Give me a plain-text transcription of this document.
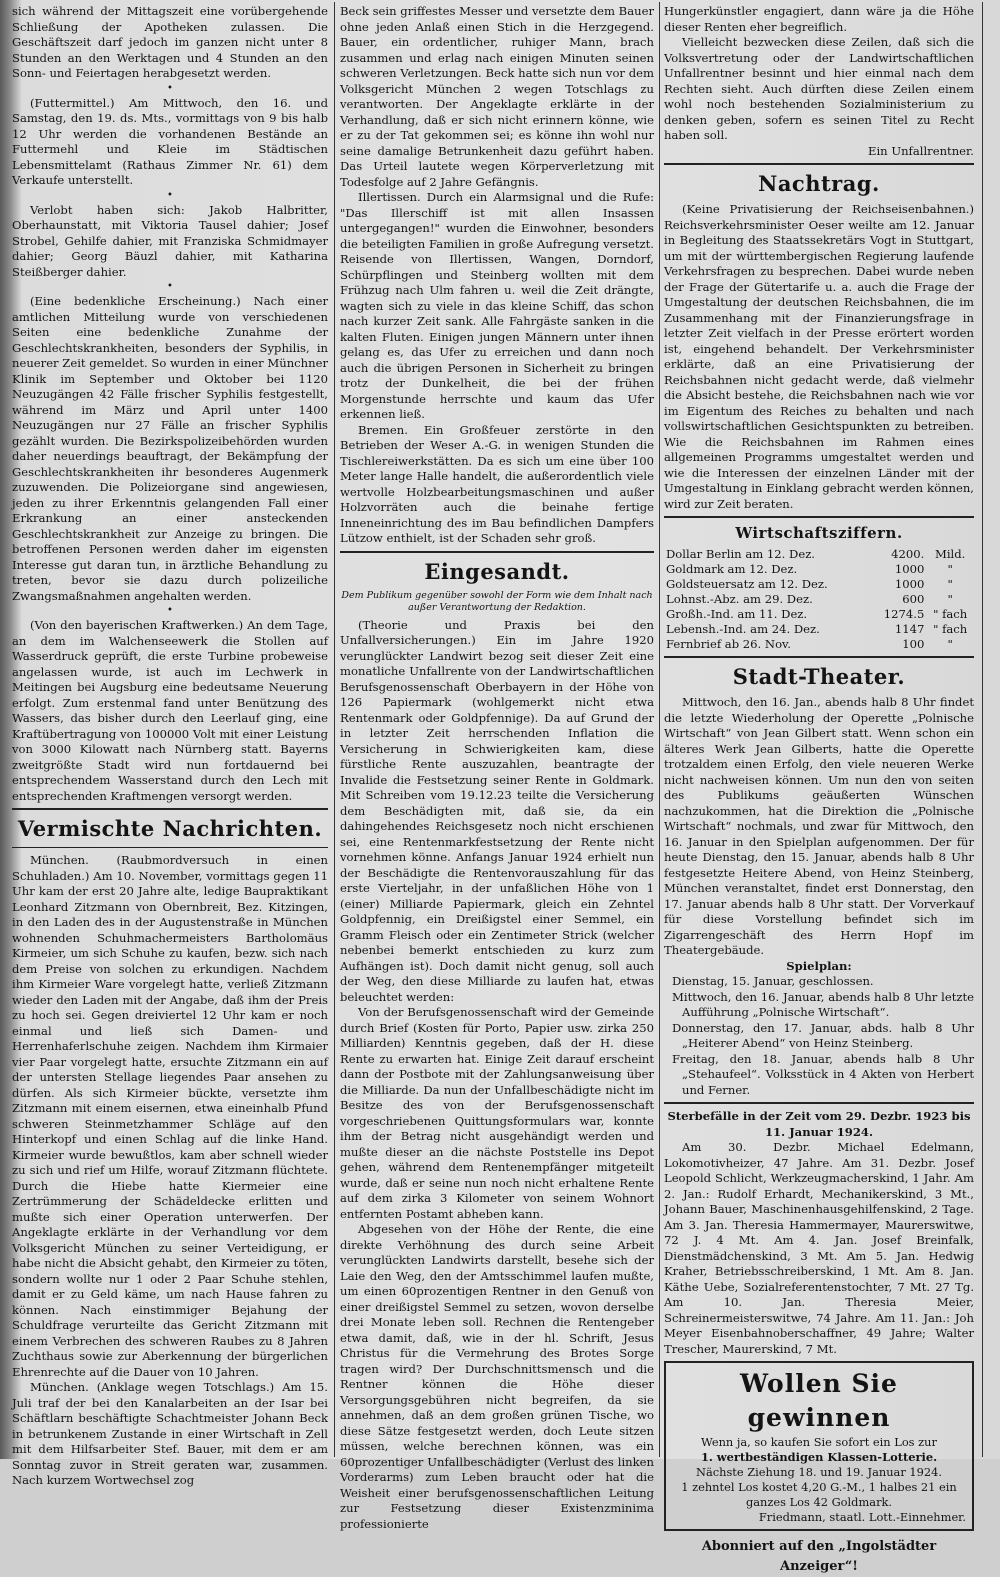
sich während der Mittagszeit eine vorübergehende Schließung der Apotheken zulassen. Die Geschäftszeit darf jedoch im ganzen nicht unter 8 Stunden an den Werktagen und 4 Stunden an den Sonn- und Feiertagen herabgesetzt werden.

•

(Futtermittel.) Am Mittwoch, den 16. und Samstag, den 19. ds. Mts., vormittags von 9 bis halb 12 Uhr werden die vorhandenen Bestände an Futtermehl und Kleie im Städtischen Lebensmittelamt (Rathaus Zimmer Nr. 61) dem Verkaufe unterstellt.

•

Verlobt haben sich: Jakob Halbritter, Oberhaunstatt, mit Viktoria Tausel dahier; Josef Strobel, Gehilfe dahier, mit Franziska Schmidmayer dahier; Georg Bäuzl dahier, mit Katharina Steißberger dahier.

•

(Eine bedenkliche Erscheinung.) Nach einer amtlichen Mitteilung wurde von verschiedenen Seiten eine bedenkliche Zunahme der Geschlechtskrankheiten, besonders der Syphilis, in neuerer Zeit gemeldet. So wurden in einer Münchner Klinik im September und Oktober bei 1120 Neuzugängen 42 Fälle frischer Syphilis festgestellt, während im März und April unter 1400 Neuzugängen nur 27 Fälle an frischer Syphilis gezählt wurden. Die Bezirkspolizeibehörden wurden daher neuerdings beauftragt, der Bekämpfung der Geschlechtskrankheiten ihr besonderes Augenmerk zuzuwenden. Die Polizeiorgane sind angewiesen, jeden zu ihrer Erkenntnis gelangenden Fall einer Erkrankung an einer ansteckenden Geschlechtskrankheit zur Anzeige zu bringen. Die betroffenen Personen werden daher im eigensten Interesse gut daran tun, in ärztliche Behandlung zu treten, bevor sie dazu durch polizeiliche Zwangsmaßnahmen angehalten werden.

•

(Von den bayerischen Kraftwerken.) An dem Tage, an dem im Walchenseewerk die Stollen auf Wasserdruck geprüft, die erste Turbine probeweise angelassen wurde, ist auch im Lechwerk in Meitingen bei Augsburg eine bedeutsame Neuerung erfolgt. Zum erstenmal fand unter Benützung des Wassers, das bisher durch den Leerlauf ging, eine Kraftübertragung von 100000 Volt mit einer Leistung von 3000 Kilowatt nach Nürnberg statt. Bayerns zweitgrößte Stadt wird nun fortdauernd bei entsprechendem Wasserstand durch den Lech mit entsprechenden Kraftmengen versorgt werden.

Vermischte Nachrichten.

München. (Raubmordversuch in einen Schuhladen.) Am 10. November, vormittags gegen 11 Uhr kam der erst 20 Jahre alte, ledige Baupraktikant Leonhard Zitzmann von Obernbreit, Bez. Kitzingen, in den Laden des in der Augustenstraße in München wohnenden Schuhmachermeisters Bartholomäus Kirmeier, um sich Schuhe zu kaufen, bezw. sich nach dem Preise von solchen zu erkundigen. Nachdem ihm Kirmeier Ware vorgelegt hatte, verließ Zitzmann wieder den Laden mit der Angabe, daß ihm der Preis zu hoch sei. Gegen dreiviertel 12 Uhr kam er noch einmal und ließ sich Damen- und Herrenhaferlschuhe zeigen. Nachdem ihm Kirmaier vier Paar vorgelegt hatte, ersuchte Zitzmann ein auf der untersten Stellage liegendes Paar ansehen zu dürfen. Als sich Kirmeier bückte, versetzte ihm Zitzmann mit einem eisernen, etwa eineinhalb Pfund schweren Steinmetzhammer Schläge auf den Hinterkopf und einen Schlag auf die linke Hand. Kirmeier wurde bewußtlos, kam aber schnell wieder zu sich und rief um Hilfe, worauf Zitzmann flüchtete. Durch die Hiebe hatte Kiermeier eine Zertrümmerung der Schädeldecke erlitten und mußte sich einer Operation unterwerfen. Der Angeklagte erklärte in der Verhandlung vor dem Volksgericht München zu seiner Verteidigung, er habe nicht die Absicht gehabt, den Kirmeier zu töten, sondern wollte nur 1 oder 2 Paar Schuhe stehlen, damit er zu Geld käme, um nach Hause fahren zu können. Nach einstimmiger Bejahung der Schuldfrage verurteilte das Gericht Zitzmann mit einem Verbrechen des schweren Raubes zu 8 Jahren Zuchthaus sowie zur Aberkennung der bürgerlichen Ehrenrechte auf die Dauer von 10 Jahren.

München. (Anklage wegen Totschlags.) Am 15. Juli traf der bei den Kanalarbeiten an der Isar bei Schäftlarn beschäftigte Schachtmeister Johann Beck in betrunkenem Zustande in einer Wirtschaft in Zell mit dem Hilfsarbeiter Stef. Bauer, mit dem er am Sonntag zuvor in Streit geraten war, zusammen. Nach kurzem Wortwechsel zog

Beck sein griffestes Messer und versetzte dem Bauer ohne jeden Anlaß einen Stich in die Herzgegend. Bauer, ein ordentlicher, ruhiger Mann, brach zusammen und erlag nach einigen Minuten seinen schweren Verletzungen. Beck hatte sich nun vor dem Volksgericht München 2 wegen Totschlags zu verantworten. Der Angeklagte erklärte in der Verhandlung, daß er sich nicht erinnern könne, wie er zu der Tat gekommen sei; es könne ihn wohl nur seine damalige Betrunkenheit dazu geführt haben. Das Urteil lautete wegen Körperverletzung mit Todesfolge auf 2 Jahre Gefängnis.

Illertissen. Durch ein Alarmsignal und die Rufe: "Das Illerschiff ist mit allen Insassen untergegangen!" wurden die Einwohner, besonders die beteiligten Familien in große Aufregung versetzt. Reisende von Illertissen, Wangen, Dorndorf, Schürpflingen und Steinberg wollten mit dem Frühzug nach Ulm fahren u. weil die Zeit drängte, wagten sich zu viele in das kleine Schiff, das schon nach kurzer Zeit sank. Alle Fahrgäste sanken in die kalten Fluten. Einigen jungen Männern unter ihnen gelang es, das Ufer zu erreichen und dann noch auch die übrigen Personen in Sicherheit zu bringen trotz der Dunkelheit, die bei der frühen Morgenstunde herrschte und kaum das Ufer erkennen ließ.

Bremen. Ein Großfeuer zerstörte in den Betrieben der Weser A.-G. in wenigen Stunden die Tischlereiwerkstätten. Da es sich um eine über 100 Meter lange Halle handelt, die außerordentlich viele wertvolle Holzbearbeitungsmaschinen und außer Holzvorräten auch die beinahe fertige Inneneinrichtung des im Bau befindlichen Dampfers Lützow enthielt, ist der Schaden sehr groß.

Eingesandt.
Dem Publikum gegenüber sowohl der Form wie dem Inhalt nach außer Verantwortung der Redaktion.

(Theorie und Praxis bei den Unfallversicherungen.) Ein im Jahre 1920 verunglückter Landwirt bezog seit dieser Zeit eine monatliche Unfallrente von der Landwirtschaftlichen Berufsgenossenschaft Oberbayern in der Höhe von 126 Papiermark (wohlgemerkt nicht etwa Rentenmark oder Goldpfennige). Da auf Grund der in letzter Zeit herrschenden Inflation die Versicherung in Schwierigkeiten kam, diese fürstliche Rente auszuzahlen, beantragte der Invalide die Festsetzung seiner Rente in Goldmark. Mit Schreiben vom 19.12.23 teilte die Versicherung dem Beschädigten mit, daß sie, da ein dahingehendes Reichsgesetz noch nicht erschienen sei, eine Rentenmarkfestsetzung der Rente nicht vornehmen könne. Anfangs Januar 1924 erhielt nun der Beschädigte die Rentenvorauszahlung für das erste Vierteljahr, in der unfaßlichen Höhe von 1 (einer) Milliarde Papiermark, gleich ein Zehntel Goldpfennig, ein Dreißigstel einer Semmel, ein Gramm Fleisch oder ein Zentimeter Strick (welcher nebenbei bemerkt entschieden zu kurz zum Aufhängen ist). Doch damit nicht genug, soll auch der Weg, den diese Milliarde zu laufen hat, etwas beleuchtet werden:

Von der Berufsgenossenschaft wird der Gemeinde durch Brief (Kosten für Porto, Papier usw. zirka 250 Milliarden) Kenntnis gegeben, daß der H. diese Rente zu erwarten hat. Einige Zeit darauf erscheint dann der Postbote mit der Zahlungsanweisung über die Milliarde. Da nun der Unfallbeschädigte nicht im Besitze des von der Berufsgenossenschaft vorgeschriebenen Quittungsformulars war, konnte ihm der Betrag nicht ausgehändigt werden und mußte dieser an die nächste Poststelle ins Depot gehen, während dem Rentenempfänger mitgeteilt wurde, daß er seine nun noch nicht erhaltene Rente auf dem zirka 3 Kilometer von seinem Wohnort entfernten Postamt abheben kann.

Abgesehen von der Höhe der Rente, die eine direkte Verhöhnung des durch seine Arbeit verunglückten Landwirts darstellt, besehe sich der Laie den Weg, den der Amtsschimmel laufen mußte, um einen 60prozentigen Rentner in den Genuß von einer dreißigstel Semmel zu setzen, wovon derselbe drei Monate leben soll. Rechnen die Rentengeber etwa damit, daß, wie in der hl. Schrift, Jesus Christus für die Vermehrung des Brotes Sorge tragen wird? Der Durchschnittsmensch und die Rentner können die Höhe dieser Versorgungsgebühren nicht begreifen, da sie annehmen, daß an dem großen grünen Tische, wo diese Sätze festgesetzt werden, doch Leute sitzen müssen, welche berechnen können, was ein 60prozentiger Unfallbeschädigter (Verlust des linken Vorderarms) zum Leben braucht oder hat die Weisheit einer berufsgenossenschaftlichen Leitung zur Festsetzung dieser Existenzminima professionierte

Hungerkünstler engagiert, dann wäre ja die Höhe dieser Renten eher begreiflich.

Vielleicht bezwecken diese Zeilen, daß sich die Volksvertretung oder der Landwirtschaftlichen Unfallrentner besinnt und hier einmal nach dem Rechten sieht. Auch dürften diese Zeilen einem wohl noch bestehenden Sozialministerium zu denken geben, sofern es seinen Titel zu Recht haben soll.

Ein Unfallrentner.
Nachtrag.

(Keine Privatisierung der Reichseisenbahnen.) Reichsverkehrsminister Oeser weilte am 12. Januar in Begleitung des Staatssekretärs Vogt in Stuttgart, um mit der württembergischen Regierung laufende Verkehrsfragen zu besprechen. Dabei wurde neben der Frage der Gütertarife u. a. auch die Frage der Umgestaltung der deutschen Reichsbahnen, die im Zusammenhang mit der Finanzierungsfrage in letzter Zeit vielfach in der Presse erörtert worden ist, eingehend behandelt. Der Verkehrsminister erklärte, daß an eine Privatisierung der Reichsbahnen nicht gedacht werde, daß vielmehr die Absicht bestehe, die Reichsbahnen nach wie vor im Eigentum des Reiches zu behalten und nach vollswirtschaftlichen Gesichtspunkten zu betreiben. Wie die Reichsbahnen im Rahmen eines allgemeinen Programms umgestaltet werden und wie die Interessen der einzelnen Länder mit der Umgestaltung in Einklang gebracht werden können, wird zur Zeit beraten.

Wirtschaftsziffern.
Dollar Berlin am 12. Dez.	4200.	Mild.
Goldmark am 12. Dez.	1000	"
Goldsteuersatz am 12. Dez.	1000	"
Lohnst.-Abz. am 29. Dez.	600	"
Großh.-Ind. am 11. Dez.	1274.5	" fach
Lebensh.-Ind. am 24. Dez.	1147	" fach
Fernbrief ab 26. Nov.	100	"
Stadt-Theater.

Mittwoch, den 16. Jan., abends halb 8 Uhr findet die letzte Wiederholung der Operette „Polnische Wirtschaft“ von Jean Gilbert statt. Wenn schon ein älteres Werk Jean Gilberts, hatte die Operette trotzaldem einen Erfolg, den viele neueren Werke nicht nachweisen können. Um nun den von seiten des Publikums geäußerten Wünschen nachzukommen, hat die Direktion die „Polnische Wirtschaft“ nochmals, und zwar für Mittwoch, den 16. Januar in den Spielplan aufgenommen. Der für heute Dienstag, den 15. Januar, abends halb 8 Uhr festgesetzte Heitere Abend, von Heinz Steinberg, München veranstaltet, findet erst Donnerstag, den 17. Januar abends halb 8 Uhr statt. Der Vorverkauf für diese Vorstellung befindet sich im Zigarrengeschäft des Herrn Hopf im Theatergebäude.

Spielplan:
Dienstag, 15. Januar, geschlossen.
Mittwoch, den 16. Januar, abends halb 8 Uhr letzte Aufführung „Polnische Wirtschaft“.
Donnerstag, den 17. Januar, abds. halb 8 Uhr „Heiterer Abend“ von Heinz Steinberg.
Freitag, den 18. Januar, abends halb 8 Uhr „Stehaufeel“. Volksstück in 4 Akten von Herbert und Ferner.
Sterbefälle in der Zeit vom 29. Dezbr. 1923 bis 11. Januar 1924.

Am 30. Dezbr. Michael Edelmann, Lokomotivheizer, 47 Jahre. Am 31. Dezbr. Josef Leopold Schlicht, Werkzeugmacherskind, 1 Jahr. Am 2. Jan.: Rudolf Erhardt, Mechanikerskind, 3 Mt., Johann Bauer, Maschinenhausgehilfenskind, 2 Tage. Am 3. Jan. Theresia Hammermayer, Maurerswitwe, 72 J. 4 Mt. Am 4. Jan. Josef Breinfalk, Dienstmädchenskind, 3 Mt. Am 5. Jan. Hedwig Kraher, Betriebsschreiberskind, 1 Mt. Am 8. Jan. Käthe Uebe, Sozialreferentenstochter, 7 Mt. 27 Tg. Am 10. Jan. Theresia Meier, Schreinermeisterswitwe, 74 Jahre. Am 11. Jan.: Joh Meyer Eisenbahnoberschaffner, 49 Jahre; Walter Trescher, Maurerskind, 7 Mt.

Wollen Sie gewinnen
Wenn ja, so kaufen Sie sofort ein Los zur
1. wertbeständigen Klassen-Lotterie.
Nächste Ziehung 18. und 19. Januar 1924.
1 zehntel Los kostet 4,20 G.-M., 1 halbes 21 ein ganzes Los 42 Goldmark.
Friedmann, staatl. Lott.-Einnehmer.
Abonniert auf den „Ingolstädter Anzeiger“!
